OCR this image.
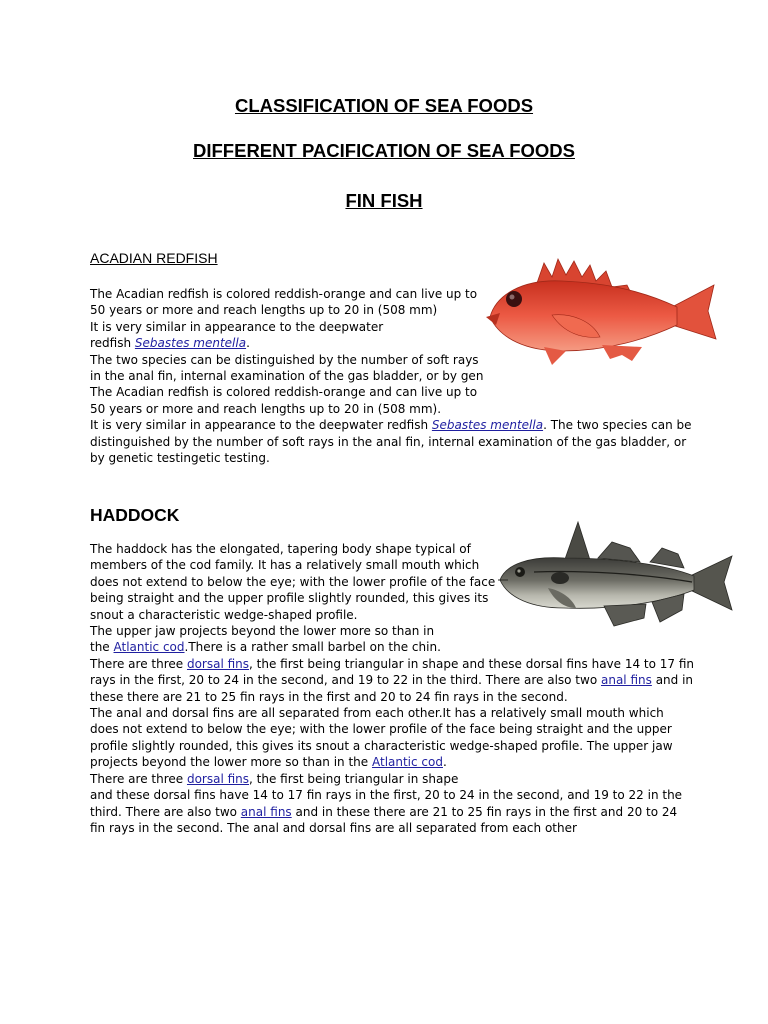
CLASSIFICATION OF SEA FOODS
DIFFERENT PACIFICATION OF SEA FOODS
FIN FISH
ACADIAN REDFISH
The Acadian redfish is colored reddish-orange and can live up to
50 years or more and reach lengths up to 20 in (508 mm)
It is very similar in appearance to the deepwater
redfish Sebastes mentella.
The two species can be distinguished by the number of soft rays
in the anal fin, internal examination of the gas bladder, or by gen
The Acadian redfish is colored reddish-orange and can live up to
50 years or more and reach lengths up to 20 in (508 mm).
It is very similar in appearance to the deepwater redfish Sebastes mentella. The two species can be
distinguished by the number of soft rays in the anal fin, internal examination of the gas bladder, or
by genetic testingetic testing.
HADDOCK
The haddock has the elongated, tapering body shape typical of
members of the cod family. It has a relatively small mouth which
does not extend to below the eye; with the lower profile of the face
being straight and the upper profile slightly rounded, this gives its
snout a characteristic wedge-shaped profile.
The upper jaw projects beyond the lower more so than in
the Atlantic cod.There is a rather small barbel on the chin.
There are three dorsal fins, the first being triangular in shape and these dorsal fins have 14 to 17 fin
rays in the first, 20 to 24 in the second, and 19 to 22 in the third. There are also two anal fins and in
these there are 21 to 25 fin rays in the first and 20 to 24 fin rays in the second.
The anal and dorsal fins are all separated from each other.It has a relatively small mouth which
does not extend to below the eye; with the lower profile of the face being straight and the upper
profile slightly rounded, this gives its snout a characteristic wedge-shaped profile. The upper jaw
projects beyond the lower more so than in the Atlantic cod.
There are three dorsal fins, the first being triangular in shape
and these dorsal fins have 14 to 17 fin rays in the first, 20 to 24 in the second, and 19 to 22 in the
third. There are also two anal fins and in these there are 21 to 25 fin rays in the first and 20 to 24
fin rays in the second. The anal and dorsal fins are all separated from each other
